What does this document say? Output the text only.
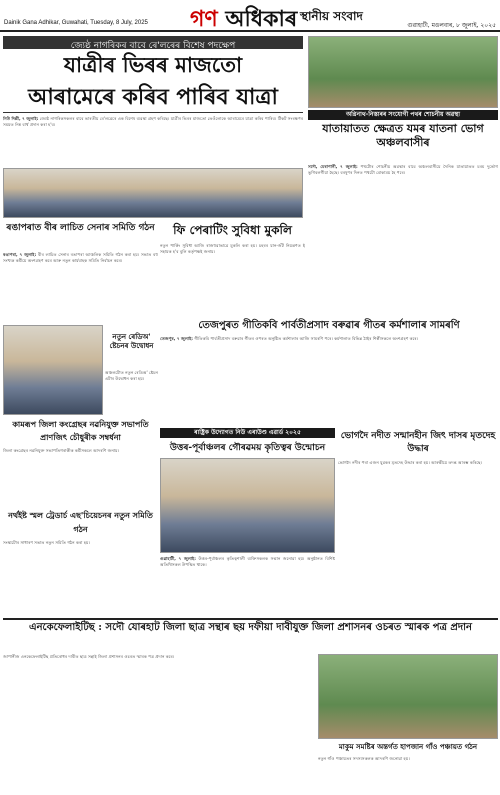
Dainik Gana Adhikar, Guwahati, Tuesday, 8 July, 2025 গণ অধিকাৰ স্থানীয় সংবাদ
গুৱাহাটী, মঙলবাৰ, ৮ জুলাই, ২০২৫
জ্যেষ্ঠ নাগৰিকৰ বাবে ৰে'লৰেৰ বিশেষ পদক্ষেপ
যাত্ৰীৰ ভিৰৰ মাজতো
আৰামেৰে কৰিব পাৰিব যাত্ৰা
নিউ দিল্লী, ৭ জুলাই: জ্যেষ্ঠ নাগৰিকসকলৰ বাবে ভাৰতীয় ৰে'লৱেৰে এক বিশেষ ব্যৱস্থা গ্ৰহণ কৰিছে। যাত্ৰীৰ ভিৰৰ মাজতো তেওঁলোকে আৰামেৰে যাত্ৰা কৰিব পাৰিব। টিকট সংৰক্ষণৰ সময়ত নিম্ন বাৰ্থ প্ৰদান কৰা হ'ব।
অগ্নিনাথ-নিস্তাৰৰ সংযোগী পথৰ শোচনীয় অৱস্থা
যাতায়াতত ক্ষেত্ৰত যমৰ যাতনা ভোগ অঞ্চলবাসীৰ
সদৌ, মেৰাপানী, ৭ জুলাই: পথটোৰ শোচনীয় অৱস্থাৰ বাবে অঞ্চলবাসীয়ে দৈনিক যাতায়াতত চৰম দুৰ্ভোগ ভুগিবলগীয়া হৈছে। বৰষুণৰ দিনত পথটো বোকাময় হৈ পৰে।
ফি পেৰাটিং সুবিধা মুকলি
নতুন পাৰ্কিং সুবিধা আজি ৰাজহুৱাভাৱে মুকলি কৰা হয়। চহৰৰ যান-জঁট নিয়ন্ত্ৰণত ই সহায়ক হ'ব বুলি কৰ্তৃপক্ষই জনায়।
ৰঙাপৰাত বীৰ লাচিত সেনাৰ সমিতি গঠন
ৰঙাপৰা, ৭ জুলাই: বীৰ লাচিত সেনাৰ ৰঙাপৰা আঞ্চলিক সমিতি গঠন কৰা হয়। সভাত বহু সংখ্যক কৰ্মীয়ে অংশগ্ৰহণ কৰে আৰু নতুন কাৰ্যবাহক সমিতি নিৰ্বাচন কৰে।
তেজপুৰত গীতিকবি পাৰ্বতীপ্ৰসাদ বৰুৱাৰ গীতৰ কৰ্মশালাৰ সামৰণি
তেজপুৰ, ৭ জুলাই: গীতিকবি পাৰ্বতীপ্ৰসাদ বৰুৱাৰ গীতৰ ওপৰত অনুষ্ঠিত কৰ্মশালাৰ আজি সামৰণি পৰে। কৰ্মশালাত বিভিন্ন ঠাইৰ শিল্পীসকলে অংশগ্ৰহণ কৰে।
নতুন ৰেডিঅ' ষ্টেচনৰ উদ্বোধন
অঞ্চলটোত নতুন ৰেডিঅ' ষ্টেচন এটাৰ উদ্বোধন কৰা হয়।
কামৰূপ জিলা কংগ্ৰেছৰ নৱনিযুক্ত সভাপতি প্ৰাণজিৎ চৌধুৰীক সম্বৰ্ধনা
জিলা কংগ্ৰেছৰ নৱনিযুক্ত সভাপতিগৰাকীক কৰ্মীসকলে আদৰণি জনায়।
ৰাষ্ট্ৰিক উদ্যোগত নিউ এৰাউণ্ড এৱাৰ্ড ২০২৫
উত্তৰ-পূৰ্বাঞ্চলৰ গৌৰৱময় কৃতিত্বৰ উন্মোচন
গুৱাহাটী, ৭ জুলাই: উত্তৰ-পূৰ্বাঞ্চলৰ কৃতিত্বশালী ব্যক্তিসকলক সন্মান জনোৱা হয়। অনুষ্ঠানত বিশিষ্ট অতিথিসকল উপস্থিত থাকে।
ভোগদৈ নদীত সন্মানহীন জিৎ দাসৰ মৃতদেহ উদ্ধাৰ
ভোগদৈ নদীৰ পৰা এজন যুৱকৰ মৃতদেহ উদ্ধাৰ কৰা হয়। আৰক্ষীয়ে তদন্ত আৰম্ভ কৰিছে।
নৰ্থইষ্ট স্মল ট্ৰেডাৰ্চ এছ'চিয়েচনৰ নতুন সমিতি গঠন
সংস্থাটোৰ সাধাৰণ সভাত নতুন সমিতি গঠন কৰা হয়।
এনকেফেলাইটিছ : সদৌ যোৰহাট জিলা ছাত্ৰ সন্থাৰ ছয় দফীয়া দাবীযুক্ত জিলা প্ৰশাসনৰ ওচৰত স্মাৰক পত্ৰ প্ৰদান
জাপানীজ এনকেফেলাইটিছ প্ৰতিৰোধৰ দাবীত ছাত্ৰ সন্থাই জিলা প্ৰশাসনৰ ওচৰত স্মাৰক পত্ৰ প্ৰদান কৰে।
মাকুম সমষ্টিৰ অন্তৰ্গত হাপজান গাঁও পঞ্চায়ত গঠন
নতুন গাঁও পঞ্চায়তৰ সদস্যসকলক আদৰণি জনোৱা হয়।
